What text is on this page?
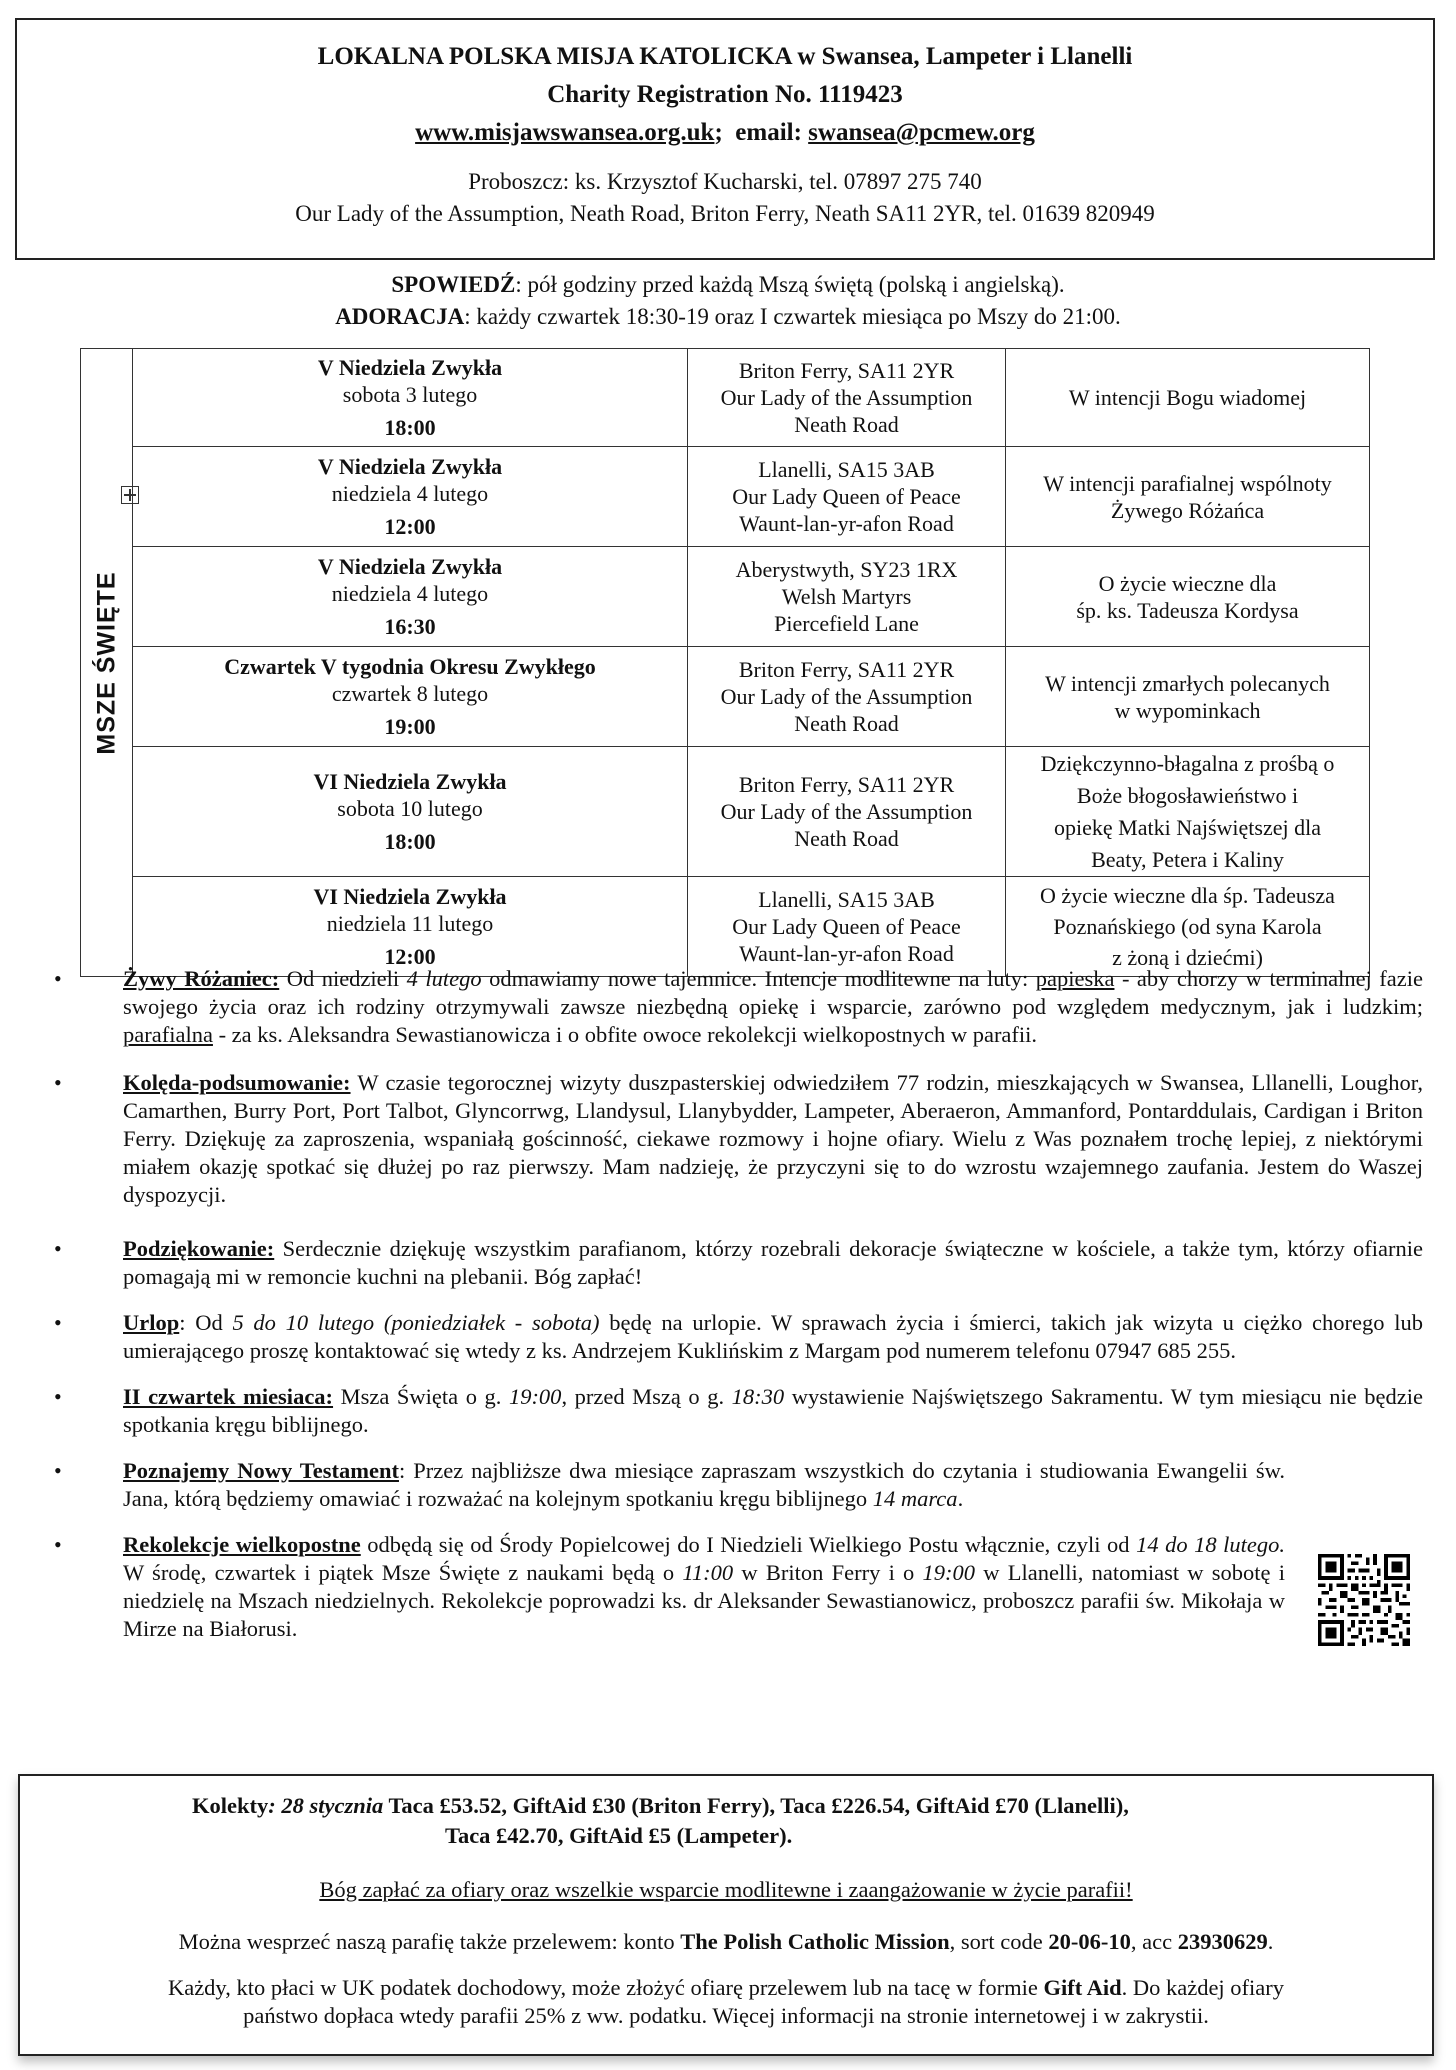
LOKALNA POLSKA MISJA KATOLICKA w Swansea, Lampeter i Llanelli
Charity Registration No. 1119423
www.misjawswansea.org.uk;  email: swansea@pcmew.org
Proboszcz: ks. Krzysztof Kucharski, tel. 07897 275 740
Our Lady of the Assumption, Neath Road, Briton Ferry, Neath SA11 2YR, tel. 01639 820949
SPOWIEDŹ: pół godziny przed każdą Mszą świętą (polską i angielską).
ADORACJA: każdy czwartek 18:30-19 oraz I czwartek miesiąca po Mszy do 21:00.
MSZE ŚWIĘTE	V Niedziela Zwykła
sobota 3 lutego
18:00	Briton Ferry, SA11 2YR
Our Lady of the Assumption
Neath Road	W intencji Bogu wiadomej
	V Niedziela Zwykła
niedziela 4 lutego
12:00	Llanelli, SA15 3AB
Our Lady Queen of Peace
Waunt-lan-yr-afon Road	W intencji parafialnej wspólnoty
Żywego Różańca
	V Niedziela Zwykła
niedziela 4 lutego
16:30	Aberystwyth, SY23 1RX
Welsh Martyrs
Piercefield Lane	O życie wieczne dla
śp. ks. Tadeusza Kordysa
	Czwartek V tygodnia Okresu Zwykłego
czwartek 8 lutego
19:00	Briton Ferry, SA11 2YR
Our Lady of the Assumption
Neath Road	W intencji zmarłych polecanych
w wypominkach
	VI Niedziela Zwykła
sobota 10 lutego
18:00	Briton Ferry, SA11 2YR
Our Lady of the Assumption
Neath Road	Dziękczynno-błagalna z prośbą o
Boże błogosławieństwo i
opiekę Matki Najświętszej dla
Beaty, Petera i Kaliny
	VI Niedziela Zwykła
niedziela 11 lutego
12:00	Llanelli, SA15 3AB
Our Lady Queen of Peace
Waunt-lan-yr-afon Road	O życie wieczne dla śp. Tadeusza
Poznańskiego (od syna Karola
z żoną i dziećmi)
•	Żywy Różaniec: Od niedzieli 4 lutego odmawiamy nowe tajemnice. Intencje modlitewne na luty: papieska - aby chorzy w terminalnej fazie swojego życia oraz ich rodziny otrzymywali zawsze niezbędną opiekę i wsparcie, zarówno pod względem medycznym, jak i ludzkim; parafialna - za ks. Aleksandra Sewastianowicza i o obfite owoce rekolekcji wielkopostnych w parafii.
•	Kolęda-podsumowanie: W czasie tegorocznej wizyty duszpasterskiej odwiedziłem 77 rodzin, mieszkających w Swansea, Lllanelli, Loughor, Camarthen, Burry Port, Port Talbot, Glyncorrwg, Llandysul, Llanybydder, Lampeter, Aberaeron, Ammanford, Pontarddulais, Cardigan i Briton Ferry. Dziękuję za zaproszenia, wspaniałą gościnność, ciekawe rozmowy i hojne ofiary. Wielu z Was poznałem trochę lepiej, z niektórymi miałem okazję spotkać się dłużej po raz pierwszy. Mam nadzieję, że przyczyni się to do wzrostu wzajemnego zaufania. Jestem do Waszej dyspozycji.
•	Podziękowanie: Serdecznie dziękuję wszystkim parafianom, którzy rozebrali dekoracje świąteczne w kościele, a także tym, którzy ofiarnie pomagają mi w remoncie kuchni na plebanii. Bóg zapłać!
•	Urlop: Od 5 do 10 lutego (poniedziałek - sobota) będę na urlopie. W sprawach życia i śmierci, takich jak wizyta u ciężko chorego lub umierającego proszę kontaktować się wtedy z ks. Andrzejem Kuklińskim z Margam pod numerem telefonu 07947 685 255.
•	II czwartek miesiaca: Msza Święta o g. 19:00, przed Mszą o g. 18:30 wystawienie Najświętszego Sakramentu. W tym miesiącu nie będzie spotkania kręgu biblijnego.
•	Poznajemy Nowy Testament: Przez najbliższe dwa miesiące zapraszam wszystkich do czytania i studiowania Ewangelii św. Jana, którą będziemy omawiać i rozważać na kolejnym spotkaniu kręgu biblijnego 14 marca.
•	Rekolekcje wielkopostne odbędą się od Środy Popielcowej do I Niedzieli Wielkiego Postu włącznie, czyli od 14 do 18 lutego. W środę, czwartek i piątek Msze Święte z naukami będą o 11:00 w Briton Ferry i o 19:00 w Llanelli, natomiast w sobotę i niedzielę na Mszach niedzielnych. Rekolekcje poprowadzi ks. dr Aleksander Sewastianowicz, proboszcz parafii św. Mikołaja w Mirze na Białorusi.
Kolekty: 28 stycznia Taca £53.52, GiftAid £30 (Briton Ferry), Taca £226.54, GiftAid £70 (Llanelli),
Taca £42.70, GiftAid £5 (Lampeter).
Bóg zapłać za ofiary oraz wszelkie wsparcie modlitewne i zaangażowanie w życie parafii!
Można wesprzeć naszą parafię także przelewem: konto The Polish Catholic Mission, sort code 20-06-10, acc 23930629.
Każdy, kto płaci w UK podatek dochodowy, może złożyć ofiarę przelewem lub na tacę w formie Gift Aid. Do każdej ofiary
państwo dopłaca wtedy parafii 25% z ww. podatku. Więcej informacji na stronie internetowej i w zakrystii.
